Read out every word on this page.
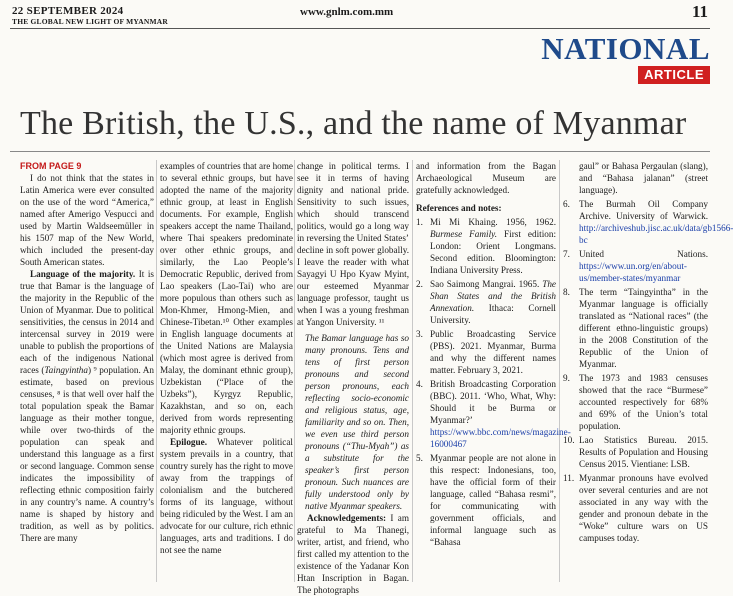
22 SEPTEMBER 2024
THE GLOBAL NEW LIGHT OF MYANMAR
www.gnlm.com.mm	11
NATIONAL
ARTICLE
The British, the U.S., and the name of Myanmar

FROM PAGE 9

I do not think that the states in Latin America were ever consulted on the use of the word “America,” named after Amerigo Vespucci and used by Martin Waldseemüller in his 1507 map of the New World, which included the present-day South American states.

Language of the majority. It is true that Bamar is the language of the majority in the Republic of the Union of Myanmar. Due to political sensitivities, the census in 2014 and intercensal survey in 2019 were unable to publish the proportions of each of the indigenous National races (Taingyintha) ⁹ population. An estimate, based on previous censuses, ⁸ is that well over half the total population speak the Bamar language as their mother tongue, while over two-thirds of the population can speak and understand this language as a first or second language. Common sense indicates the impossibility of reflecting ethnic composition fairly in any country’s name. A country’s name is shaped by history and tradition, as well as by politics. There are many

examples of countries that are home to several ethnic groups, but have adopted the name of the majority ethnic group, at least in English documents. For example, English speakers accept the name Thailand, where Thai speakers predominate over other ethnic groups, and similarly, the Lao People’s Democratic Republic, derived from Lao speakers (Lao-Tai) who are more populous than others such as Mon-Khmer, Hmong-Mien, and Chinese-Tibetan.¹⁰ Other examples in English language documents at the United Nations are Malaysia (which most agree is derived from Malay, the dominant ethnic group), Uzbekistan (“Place of the Uzbeks”), Kyrgyz Republic, Kazakhstan, and so on, each derived from words representing majority ethnic groups.

Epilogue. Whatever political system prevails in a country, that country surely has the right to move away from the trappings of colonialism and the butchered forms of its language, without being ridiculed by the West. I am an advocate for our culture, rich ethnic languages, arts and traditions. I do not see the name

change in political terms. I see it in terms of having dignity and national pride. Sensitivity to such issues, which should transcend politics, would go a long way in reversing the United States’ decline in soft power globally. I leave the reader with what Sayagyi U Hpo Kyaw Myint, our esteemed Myanmar language professor, taught us when I was a young freshman at Yangon University. ¹¹

The Bamar language has so many pronouns. Tens and tens of first person pronouns and second person pronouns, each reflecting socio-economic and religious status, age, familiarity and so on. Then, we even use third person pronouns (“Thu-Myah”) as a substitute for the speaker’s first person pronoun. Such nuances are fully understood only by native Myanmar speakers.

Acknowledgements: I am grateful to Ma Thanegi, writer, artist, and friend, who first called my attention to the existence of the Yadanar Kon Htan Inscription in Bagan. The photographs

and information from the Bagan Archaeological Museum are gratefully acknowledged.

References and notes:

1. Mi Mi Khaing. 1956, 1962. Burmese Family. First edition: London: Orient Longmans. Second edition. Bloomington: Indiana University Press.
2. Sao Saimong Mangrai. 1965. The Shan States and the British Annexation. Ithaca: Cornell University.
3. Public Broadcasting Service (PBS). 2021. Myanmar, Burma and why the different names matter. February 3, 2021.
4. British Broadcasting Corporation (BBC). 2011. ‘Who, What, Why: Should it be Burma or Myanmar?’ https://www.bbc.com/news/magazine-16000467
5. Myanmar people are not alone in this respect: Indonesians, too, have the official form of their language, called “Bahasa resmi”, for communicating with government officials, and informal language such as “Bahasa

gaul” or Bahasa Pergaulan (slang), and “Bahasa jalanan” (street language).

6. The Burmah Oil Company Archive. University of Warwick. http://archiveshub.jisc.ac.uk/data/gb1566-bc
7. United Nations. https://www.un.org/en/about-us/member-states/myanmar
8. The term “Taingyintha” in the Myanmar language is officially translated as “National races” (the different ethno-linguistic groups) in the 2008 Constitution of the Republic of the Union of Myanmar.
9. The 1973 and 1983 censuses showed that the race “Burmese” accounted respectively for 68% and 69% of the Union’s total population.
10. Lao Statistics Bureau. 2015. Results of Population and Housing Census 2015. Vientiane: LSB.
11. Myanmar pronouns have evolved over several centuries and are not associated in any way with the gender and pronoun debate in the “Woke” culture wars on US campuses today.
